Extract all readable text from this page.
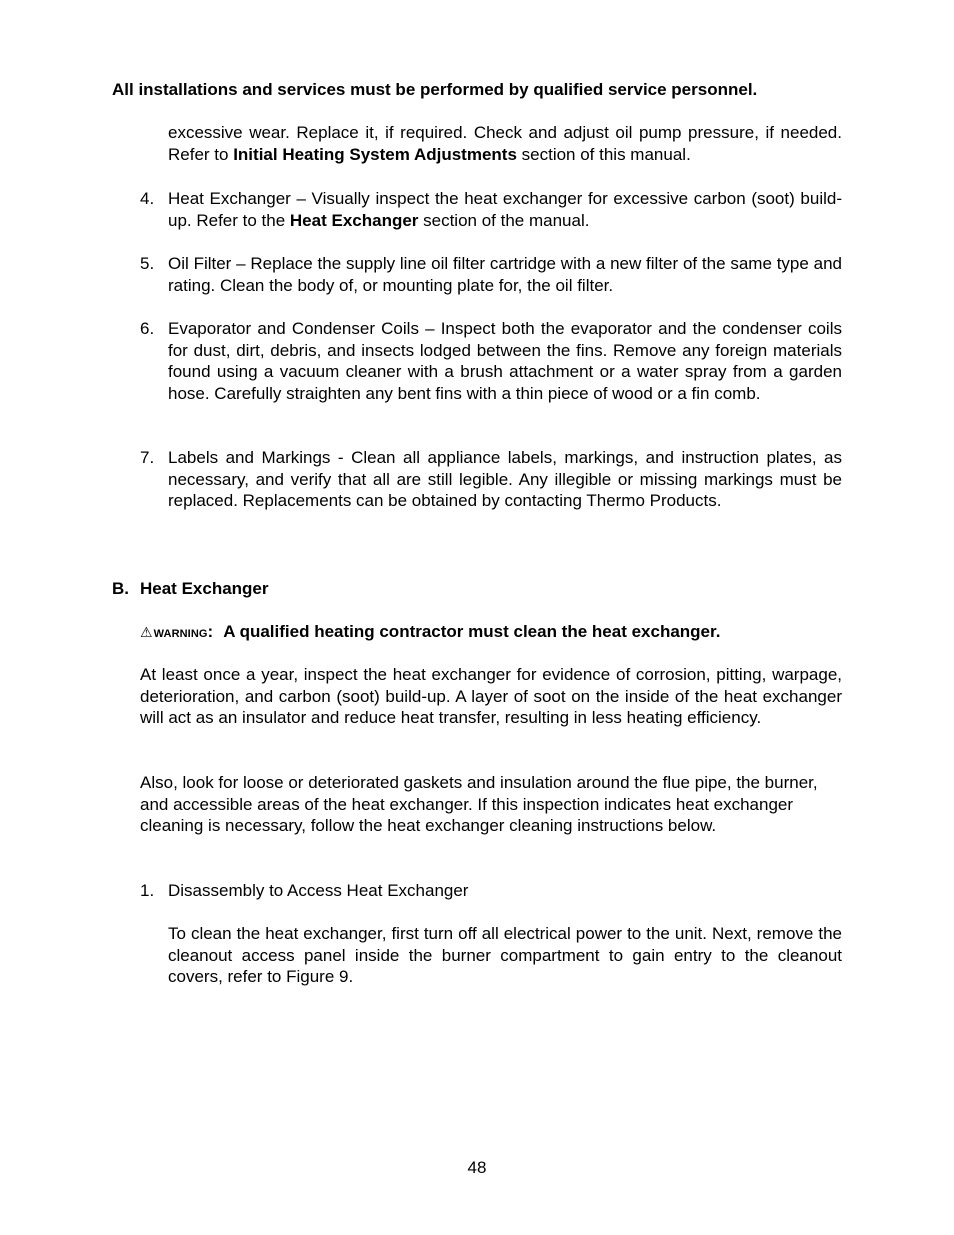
All installations and services must be performed by qualified service personnel.

excessive wear. Replace it, if required. Check and adjust oil pump pressure, if needed. Refer to Initial Heating System Adjustments section of this manual.

4. Heat Exchanger – Visually inspect the heat exchanger for excessive carbon (soot) build-up. Refer to the Heat Exchanger section of the manual.
5. Oil Filter – Replace the supply line oil filter cartridge with a new filter of the same type and rating. Clean the body of, or mounting plate for, the oil filter.
6. Evaporator and Condenser Coils – Inspect both the evaporator and the condenser coils for dust, dirt, debris, and insects lodged between the fins. Remove any foreign materials found using a vacuum cleaner with a brush attachment or a water spray from a garden hose. Carefully straighten any bent fins with a thin piece of wood or a fin comb.
7. Labels and Markings - Clean all appliance labels, markings, and instruction plates, as necessary, and verify that all are still legible. Any illegible or missing markings must be replaced. Replacements can be obtained by contacting Thermo Products.
B. Heat Exchanger
⚠WARNING : A qualified heating contractor must clean the heat exchanger.

At least once a year, inspect the heat exchanger for evidence of corrosion, pitting, warpage, deterioration, and carbon (soot) build-up. A layer of soot on the inside of the heat exchanger will act as an insulator and reduce heat transfer, resulting in less heating efficiency.

Also, look for loose or deteriorated gaskets and insulation around the flue pipe, the burner, and accessible areas of the heat exchanger. If this inspection indicates heat exchanger cleaning is necessary, follow the heat exchanger cleaning instructions below.

1. Disassembly to Access Heat Exchanger

To clean the heat exchanger, first turn off all electrical power to the unit. Next, remove the cleanout access panel inside the burner compartment to gain entry to the cleanout covers, refer to Figure 9.

48
